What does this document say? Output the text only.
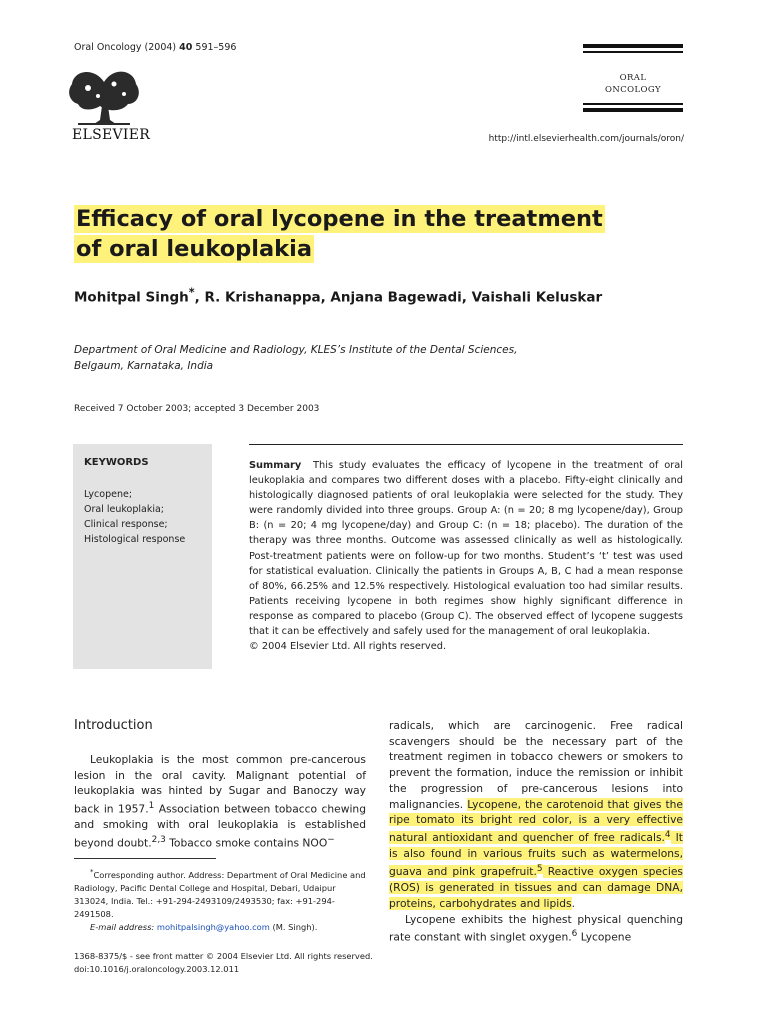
Oral Oncology (2004) 40 591–596
ELSEVIER
ORAL
ONCOLOGY
http://intl.elsevierhealth.com/journals/oron/
Efficacy of oral lycopene in the treatment
of oral leukoplakia
Mohitpal Singh*, R. Krishanappa, Anjana Bagewadi, Vaishali Keluskar
Department of Oral Medicine and Radiology, KLES’s Institute of the Dental Sciences,
Belgaum, Karnataka, India
Received 7 October 2003; accepted 3 December 2003
KEYWORDS
Lycopene;
Oral leukoplakia;
Clinical response;
Histological response
Summary This study evaluates the efficacy of lycopene in the treatment of oral leukoplakia and compares two different doses with a placebo. Fifty-eight clinically and histologically diagnosed patients of oral leukoplakia were selected for the study. They were randomly divided into three groups. Group A: (n = 20; 8 mg lycopene/day), Group B: (n = 20; 4 mg lycopene/day) and Group C: (n = 18; placebo). The duration of the therapy was three months. Outcome was assessed clinically as well as histologically. Post-treatment patients were on follow-up for two months. Student’s ‘t’ test was used for statistical evaluation. Clinically the patients in Groups A, B, C had a mean response of 80%, 66.25% and 12.5% respectively. Histological evaluation too had similar results. Patients receiving lycopene in both regimes show highly significant difference in response as compared to placebo (Group C). The observed effect of lycopene suggests that it can be effectively and safely used for the management of oral leukoplakia.
© 2004 Elsevier Ltd. All rights reserved.
Introduction
Leukoplakia is the most common pre-cancerous lesion in the oral cavity. Malignant potential of leukoplakia was hinted by Sugar and Banoczy way back in 1957.$^1$ Association between tobacco chewing and smoking with oral leukoplakia is established beyond doubt.$^{2,3}$ Tobacco smoke contains NOO−
radicals, which are carcinogenic. Free radical scavengers should be the necessary part of the treatment regimen in tobacco chewers or smokers to prevent the formation, induce the remission or inhibit the progression of pre-cancerous lesions into malignancies. Lycopene, the carotenoid that gives the ripe tomato its bright red color, is a very effective natural antioxidant and quencher of free radicals.$^4$ It is also found in various fruits such as watermelons, guava and pink grapefruit.$^5$ Reactive oxygen species (ROS) is generated in tissues and can damage DNA, proteins, carbohydrates and lipids.
Lycopene exhibits the highest physical quenching rate constant with singlet oxygen.$^6$ Lycopene
*Corresponding author. Address: Department of Oral Medicine and Radiology, Pacific Dental College and Hospital, Debari, Udaipur 313024, India. Tel.: +91-294-2493109/2493530; fax: +91-294-2491508.
E-mail address: mohitpalsingh@yahoo.com (M. Singh).
1368-8375/$ - see front matter © 2004 Elsevier Ltd. All rights reserved.
doi:10.1016/j.oraloncology.2003.12.011
